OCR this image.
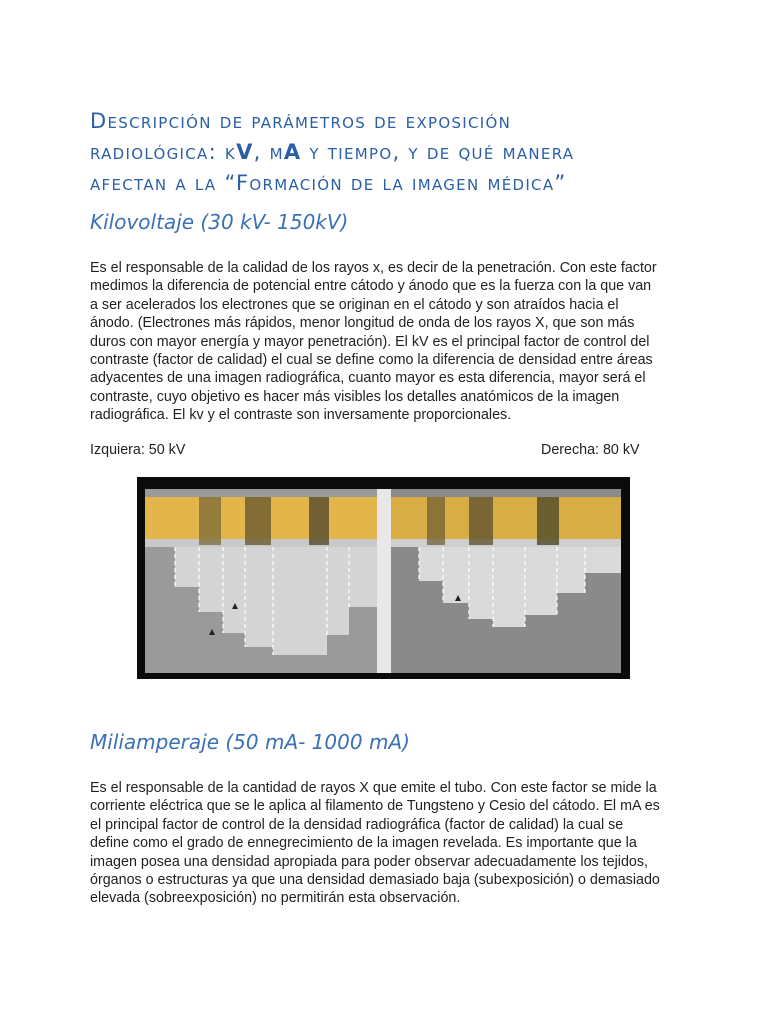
Descripción de parámetros de exposición
radiológica: kV, mA y tiempo, y de qué manera
afectan a la “Formación de la imagen médica”
Kilovoltaje (30 kV- 150kV)

Es el responsable de la calidad de los rayos x, es decir de la penetración. Con este factor medimos la diferencia de potencial entre cátodo y ánodo que es la fuerza con la que van a ser acelerados los electrones que se originan en el cátodo y son atraídos hacia el ánodo. (Electrones más rápidos, menor longitud de onda de los rayos X, que son más duros con mayor energía y mayor penetración). El kV es el principal factor de control del contraste (factor de calidad) el cual se define como la diferencia de densidad entre áreas adyacentes de una imagen radiográfica, cuanto mayor es esta diferencia, mayor será el contraste, cuyo objetivo es hacer más visibles los detalles anatómicos de la imagen radiográfica. El kv y el contraste son inversamente proporcionales.

Izquiera: 50 kV	Derecha: 80 kV

Miliamperaje (50 mA- 1000 mA)

Es el responsable de la cantidad de rayos X que emite el tubo. Con este factor se mide la corriente eléctrica que se le aplica al filamento de Tungsteno y Cesio del cátodo. El mA es el principal factor de control de la densidad radiográfica (factor de calidad) la cual se define como el grado de ennegrecimiento de la imagen revelada. Es importante que la imagen posea una densidad apropiada para poder observar adecuadamente los tejidos, órganos o estructuras ya que una densidad demasiado baja (subexposición) o demasiado elevada (sobreexposición) no permitirán esta observación.
